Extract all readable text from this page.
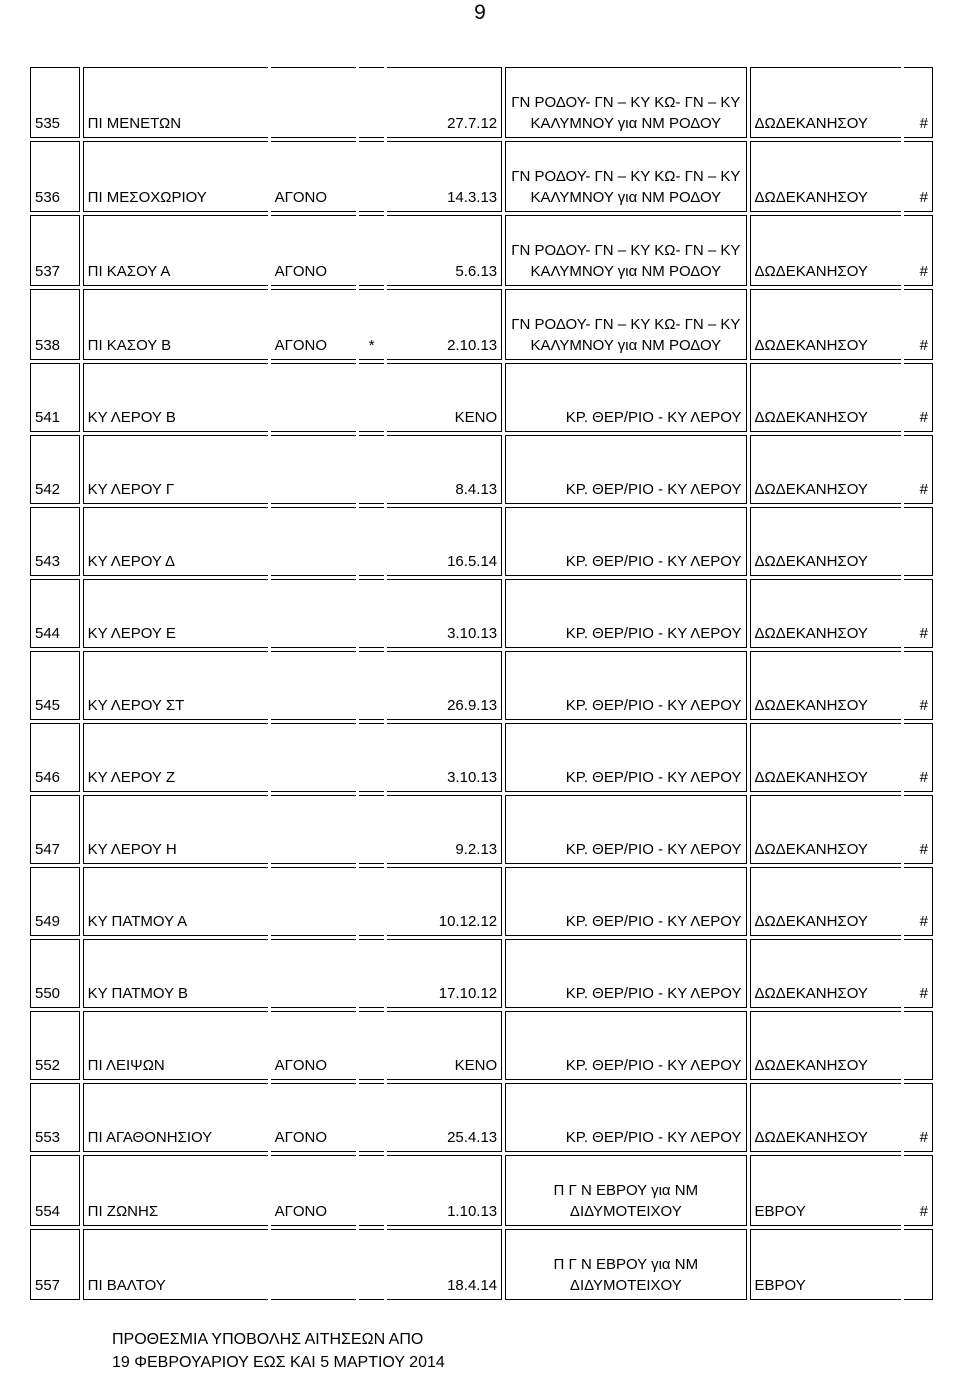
9
535	ΠΙ ΜΕΝΕΤΩΝ			27.7.12	ΓΝ ΡΟΔΟΥ- ΓΝ – ΚΥ ΚΩ- ΓΝ – ΚΥ ΚΑΛΥΜΝΟΥ για ΝΜ ΡΟΔΟΥ	ΔΩΔΕΚΑΝΗΣΟΥ	#
536	ΠΙ ΜΕΣΟΧΩΡΙΟΥ	ΑΓΟΝΟ		14.3.13	ΓΝ ΡΟΔΟΥ- ΓΝ – ΚΥ ΚΩ- ΓΝ – ΚΥ ΚΑΛΥΜΝΟΥ για ΝΜ ΡΟΔΟΥ	ΔΩΔΕΚΑΝΗΣΟΥ	#
537	ΠΙ ΚΑΣΟΥ Α	ΑΓΟΝΟ		5.6.13	ΓΝ ΡΟΔΟΥ- ΓΝ – ΚΥ ΚΩ- ΓΝ – ΚΥ ΚΑΛΥΜΝΟΥ για ΝΜ ΡΟΔΟΥ	ΔΩΔΕΚΑΝΗΣΟΥ	#
538	ΠΙ ΚΑΣΟΥ Β	ΑΓΟΝΟ	*	2.10.13	ΓΝ ΡΟΔΟΥ- ΓΝ – ΚΥ ΚΩ- ΓΝ – ΚΥ ΚΑΛΥΜΝΟΥ για ΝΜ ΡΟΔΟΥ	ΔΩΔΕΚΑΝΗΣΟΥ	#
541	ΚΥ ΛΕΡΟΥ Β			ΚΕΝΟ	ΚΡ. ΘΕΡ/ΡΙΟ - ΚΥ ΛΕΡΟΥ	ΔΩΔΕΚΑΝΗΣΟΥ	#
542	ΚΥ ΛΕΡΟΥ Γ			8.4.13	ΚΡ. ΘΕΡ/ΡΙΟ - ΚΥ ΛΕΡΟΥ	ΔΩΔΕΚΑΝΗΣΟΥ	#
543	ΚΥ ΛΕΡΟΥ Δ			16.5.14	ΚΡ. ΘΕΡ/ΡΙΟ - ΚΥ ΛΕΡΟΥ	ΔΩΔΕΚΑΝΗΣΟΥ	
544	ΚΥ ΛΕΡΟΥ Ε			3.10.13	ΚΡ. ΘΕΡ/ΡΙΟ - ΚΥ ΛΕΡΟΥ	ΔΩΔΕΚΑΝΗΣΟΥ	#
545	ΚΥ ΛΕΡΟΥ ΣΤ			26.9.13	ΚΡ. ΘΕΡ/ΡΙΟ - ΚΥ ΛΕΡΟΥ	ΔΩΔΕΚΑΝΗΣΟΥ	#
546	ΚΥ ΛΕΡΟΥ Ζ			3.10.13	ΚΡ. ΘΕΡ/ΡΙΟ - ΚΥ ΛΕΡΟΥ	ΔΩΔΕΚΑΝΗΣΟΥ	#
547	ΚΥ ΛΕΡΟΥ Η			9.2.13	ΚΡ. ΘΕΡ/ΡΙΟ - ΚΥ ΛΕΡΟΥ	ΔΩΔΕΚΑΝΗΣΟΥ	#
549	ΚΥ ΠΑΤΜΟΥ Α			10.12.12	ΚΡ. ΘΕΡ/ΡΙΟ - ΚΥ ΛΕΡΟΥ	ΔΩΔΕΚΑΝΗΣΟΥ	#
550	ΚΥ ΠΑΤΜΟΥ Β			17.10.12	ΚΡ. ΘΕΡ/ΡΙΟ - ΚΥ ΛΕΡΟΥ	ΔΩΔΕΚΑΝΗΣΟΥ	#
552	ΠΙ ΛΕΙΨΩΝ	ΑΓΟΝΟ		ΚΕΝΟ	ΚΡ. ΘΕΡ/ΡΙΟ - ΚΥ ΛΕΡΟΥ	ΔΩΔΕΚΑΝΗΣΟΥ	
553	ΠΙ ΑΓΑΘΟΝΗΣΙΟΥ	ΑΓΟΝΟ		25.4.13	ΚΡ. ΘΕΡ/ΡΙΟ - ΚΥ ΛΕΡΟΥ	ΔΩΔΕΚΑΝΗΣΟΥ	#
554	ΠΙ ΖΩΝΗΣ	ΑΓΟΝΟ		1.10.13	Π Γ Ν ΕΒΡΟΥ για ΝΜ ΔΙΔΥΜΟΤΕΙΧΟΥ	ΕΒΡΟΥ	#
557	ΠΙ ΒΑΛΤΟΥ			18.4.14	Π Γ Ν ΕΒΡΟΥ για ΝΜ ΔΙΔΥΜΟΤΕΙΧΟΥ	ΕΒΡΟΥ	
ΠΡΟΘΕΣΜΙΑ ΥΠΟΒΟΛΗΣ ΑΙΤΗΣΕΩΝ ΑΠΟ
19 ΦΕΒΡΟΥΑΡΙΟΥ ΕΩΣ ΚΑΙ 5 ΜΑΡΤΙΟΥ 2014
